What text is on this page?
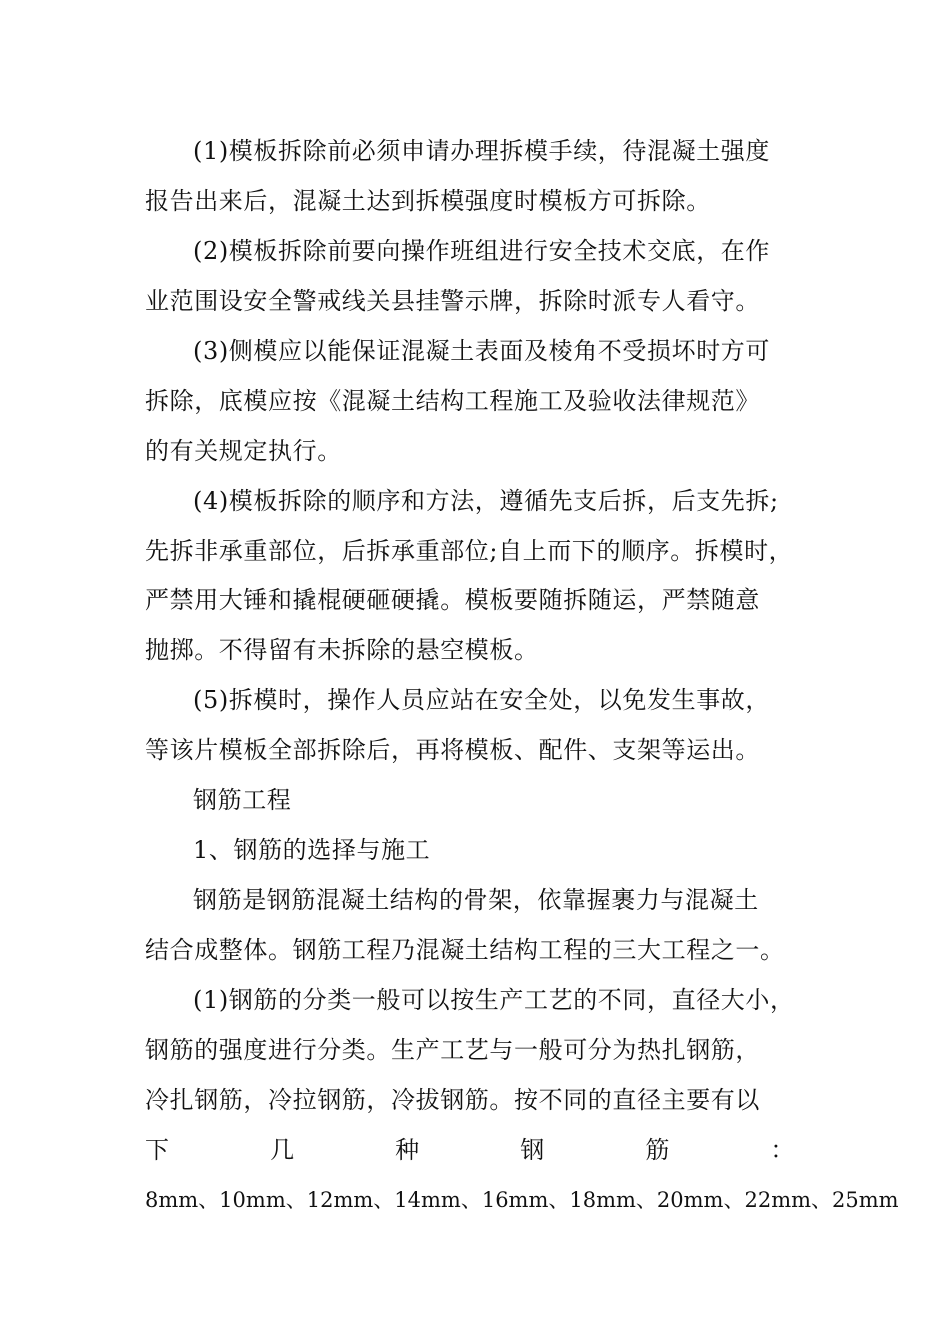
(1)模板拆除前必须申请办理拆模手续，待混凝土强度
报告出来后，混凝土达到拆模强度时模板方可拆除。
(2)模板拆除前要向操作班组进行安全技术交底，在作
业范围设安全警戒线关县挂警示牌，拆除时派专人看守。
(3)侧模应以能保证混凝土表面及棱角不受损坏时方可
拆除，底模应按《混凝土结构工程施工及验收法律规范》
的有关规定执行。
(4)模板拆除的顺序和方法，遵循先支后拆，后支先拆;
先拆非承重部位，后拆承重部位;自上而下的顺序。拆模时，
严禁用大锤和撬棍硬砸硬撬。模板要随拆随运，严禁随意
抛掷。不得留有未拆除的悬空模板。
(5)拆模时，操作人员应站在安全处，以免发生事故，
等该片模板全部拆除后，再将模板、配件、支架等运出。
钢筋工程
1、钢筋的选择与施工
钢筋是钢筋混凝土结构的骨架，依靠握裹力与混凝土
结合成整体。钢筋工程乃混凝土结构工程的三大工程之一。
(1)钢筋的分类一般可以按生产工艺的不同，直径大小，
钢筋的强度进行分类。生产工艺与一般可分为热扎钢筋，
冷扎钢筋，冷拉钢筋，冷拔钢筋。按不同的直径主要有以
下	几	种	钢	筋	：
8mm、10mm、12mm、14mm、16mm、18mm、20mm、22mm、25mm
